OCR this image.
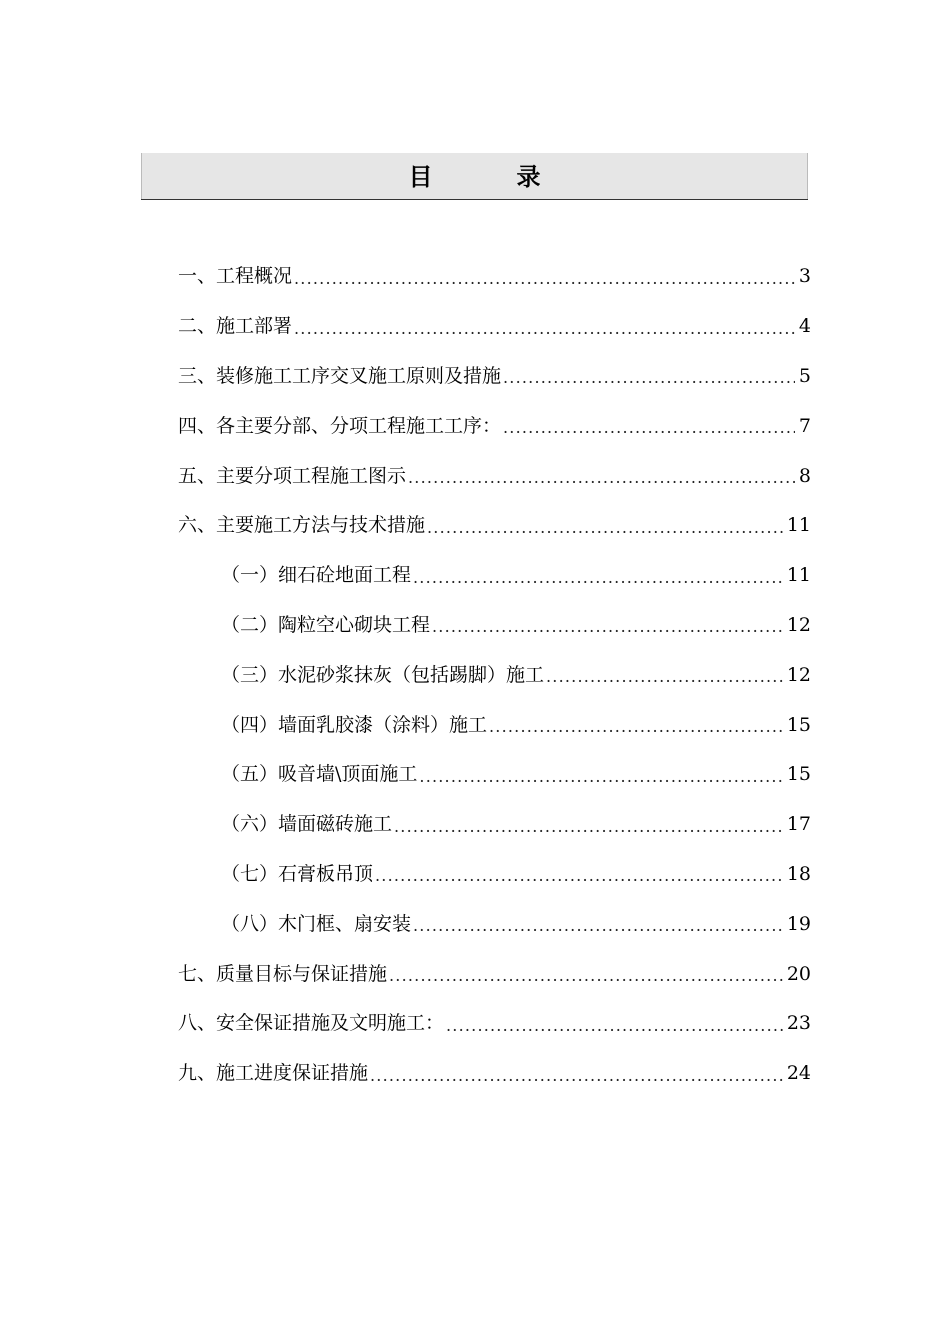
目	录
一、工程概况 .....	3
二、施工部署 .....	4
三、装修施工工序交叉施工原则及措施 .....	5
四、各主要分部、分项工程施工工序： .....	7
五、主要分项工程施工图示 .....	8
六、主要施工方法与技术措施 .....	11
（一）细石砼地面工程 .....	11
（二）陶粒空心砌块工程 .....	12
（三）水泥砂浆抹灰（包括踢脚）施工 .....	12
（四）墙面乳胶漆（涂料）施工 .....	15
（五）吸音墙\顶面施工 .....	15
（六）墙面磁砖施工 .....	17
（七）石膏板吊顶 .....	18
（八）木门框、扇安装 .....	19
七、质量目标与保证措施 .....	20
八、安全保证措施及文明施工： .....	23
九、施工进度保证措施 .....	24
